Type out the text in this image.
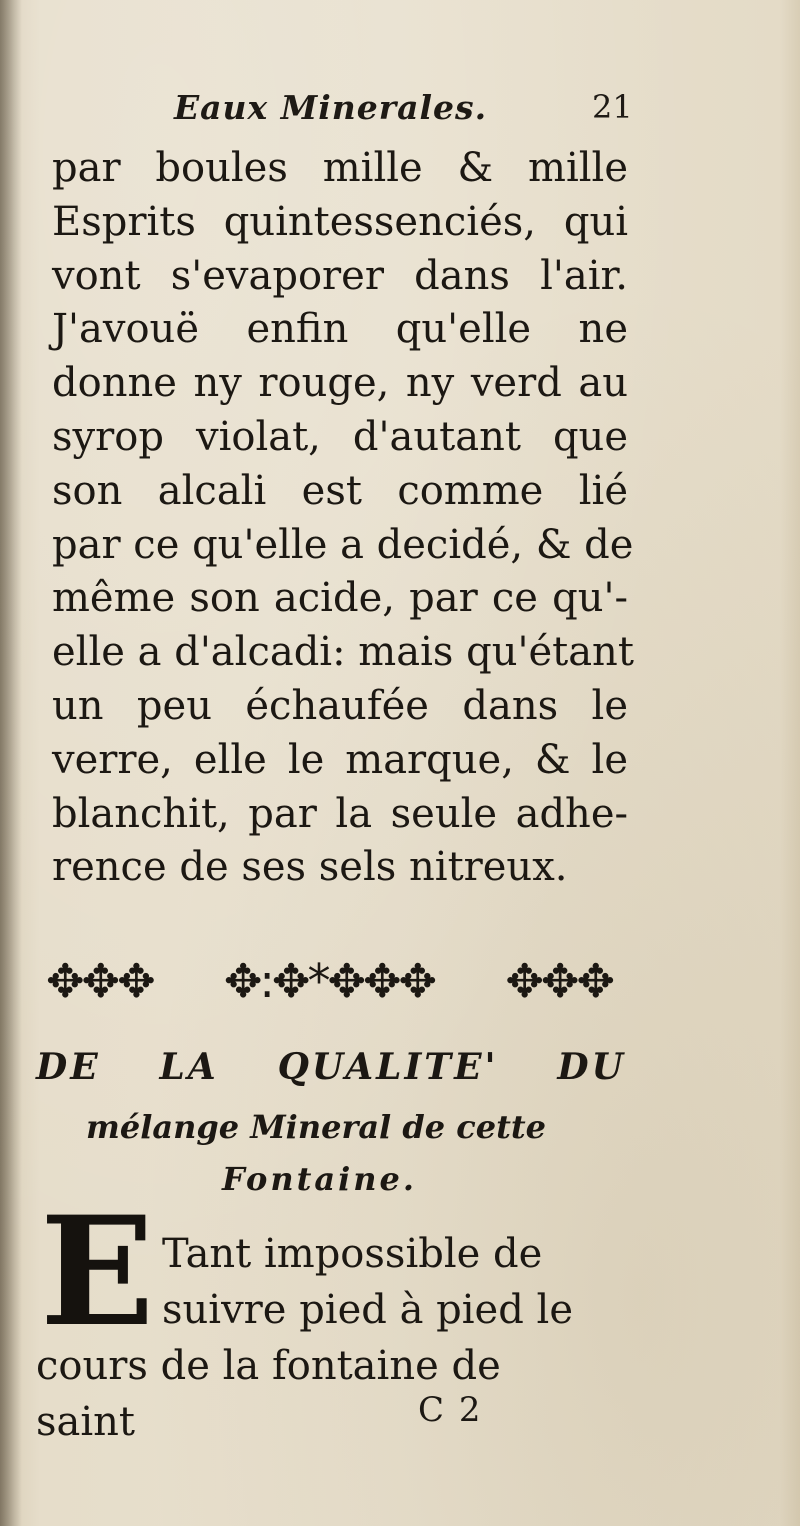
Eaux Minerales.	21
par boules mille & mille
Esprits quintessenciés, qui
vont s'evaporer dans l'air.
J'avouë enfin qu'elle ne
donne ny rouge, ny verd au
syrop violat, d'autant que
son alcali est comme lié
par ce qu'elle a decidé, & de
même son acide, par ce qu'-
elle a d'alcadi: mais qu'étant
un peu échaufée dans le
verre, elle le marque, & le
blanchit, par la seule adhe-
rence de ses sels nitreux.
✥✥✥ ✥:✥*✥✥✥ ✥✥✥
DE LA QUALITE' DU
mélange Mineral de cette
Fontaine.
E Tant impossible de
suivre pied à pied le
cours de la fontaine de saint	C 2
